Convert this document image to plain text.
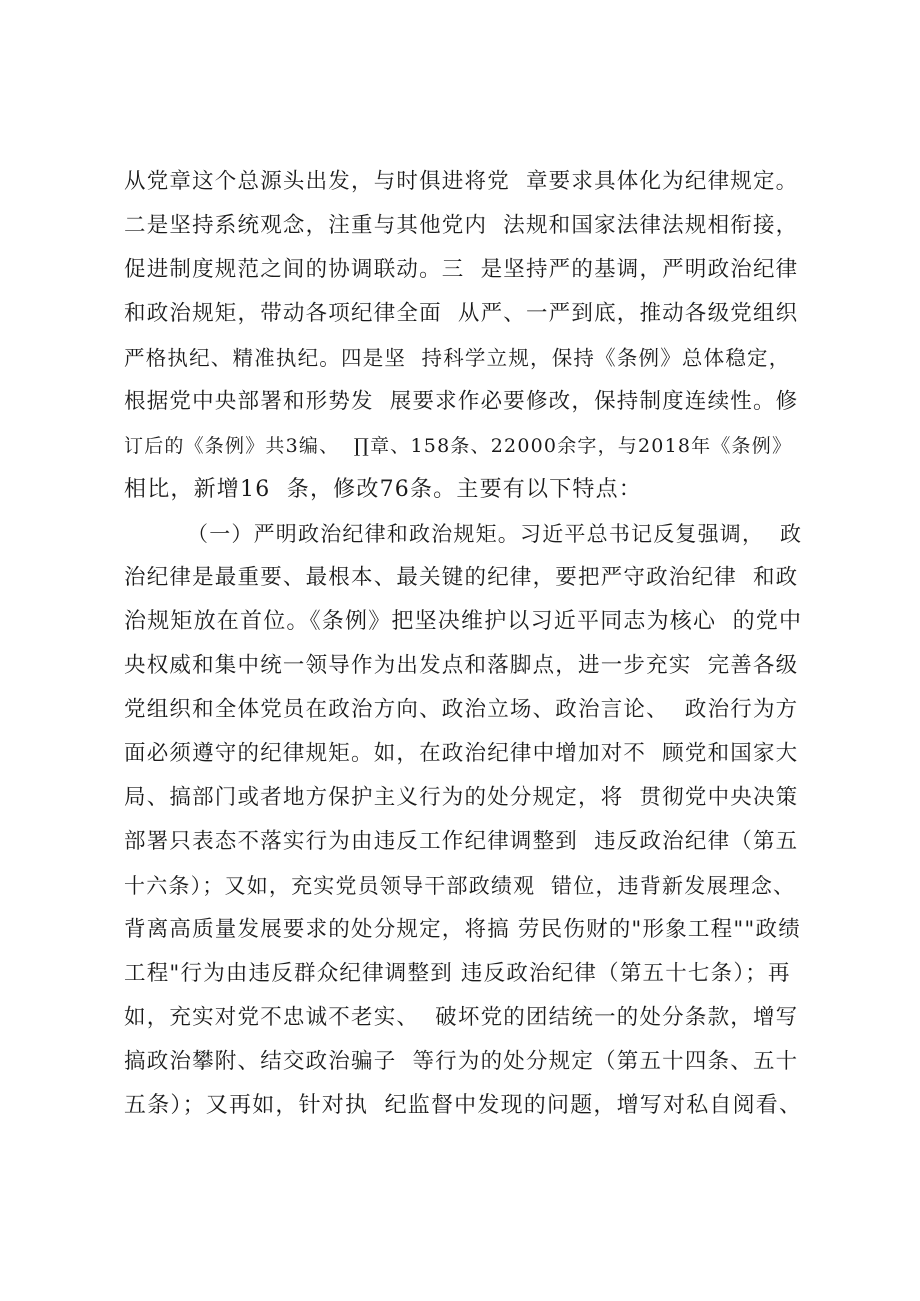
从党章这个总源头出发，与时俱进将党  章要求具体化为纪律规定。
二是坚持系统观念，注重与其他党内  法规和国家法律法规相衔接，
促进制度规范之间的协调联动。三  是坚持严的基调，严明政治纪律
和政治规矩，带动各项纪律全面  从严、一严到底，推动各级党组织
严格执纪、精准执纪。四是坚  持科学立规，保持《条例》总体稳定，
根据党中央部署和形势发  展要求作必要修改，保持制度连续性。修
订后的《条例》共3编、  ∏章、158条、22000余字，与2018年《条例》
相比，新增16  条，修改76条。主要有以下特点：
（一）严明政治纪律和政治规矩。习近平总书记反复强调，  政
治纪律是最重要、最根本、最关键的纪律，要把严守政治纪律  和政
治规矩放在首位。《条例》把坚决维护以习近平同志为核心  的党中
央权威和集中统一领导作为出发点和落脚点，进一步充实  完善各级
党组织和全体党员在政治方向、政治立场、政治言论、  政治行为方
面必须遵守的纪律规矩。如，在政治纪律中增加对不  顾党和国家大
局、搞部门或者地方保护主义行为的处分规定，将  贯彻党中央决策
部署只表态不落实行为由违反工作纪律调整到  违反政治纪律（第五
十六条）；又如，充实党员领导干部政绩观  错位，违背新发展理念、
背离高质量发展要求的处分规定，将搞 劳民伤财的"形象工程""政绩
工程"行为由违反群众纪律调整到 违反政治纪律（第五十七条）；再
如，充实对党不忠诚不老实、  破坏党的团结统一的处分条款，增写
搞政治攀附、结交政治骗子  等行为的处分规定（第五十四条、五十
五条）；又再如，针对执  纪监督中发现的问题，增写对私自阅看、
